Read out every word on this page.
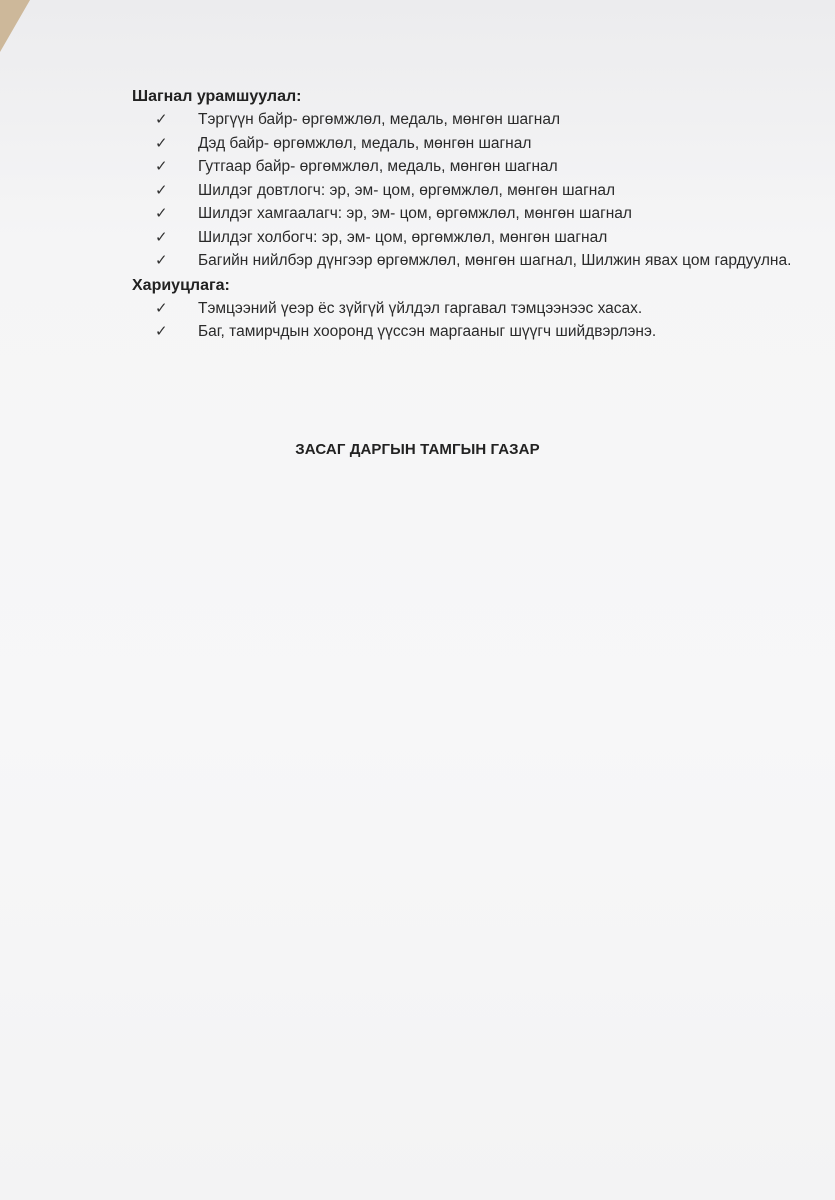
Шагнал урамшуулал:
✓ Тэргүүн байр- өргөмжлөл, медаль, мөнгөн шагнал
✓ Дэд байр- өргөмжлөл, медаль, мөнгөн шагнал
✓ Гутгаар байр- өргөмжлөл, медаль, мөнгөн шагнал
✓ Шилдэг довтлогч: эр, эм- цом, өргөмжлөл, мөнгөн шагнал
✓ Шилдэг хамгаалагч: эр, эм- цом, өргөмжлөл, мөнгөн шагнал
✓ Шилдэг холбогч: эр, эм- цом, өргөмжлөл, мөнгөн шагнал
✓ Багийн нийлбэр дүнгээр өргөмжлөл, мөнгөн шагнал, Шилжин явах цом гардуулна.
Хариуцлага:
✓ Тэмцээний үеэр ёс зүйгүй үйлдэл гаргавал тэмцээнээс хасах.
✓ Баг, тамирчдын хооронд үүссэн маргааныг шүүгч шийдвэрлэнэ.
ЗАСАГ ДАРГЫН ТАМГЫН ГАЗАР
